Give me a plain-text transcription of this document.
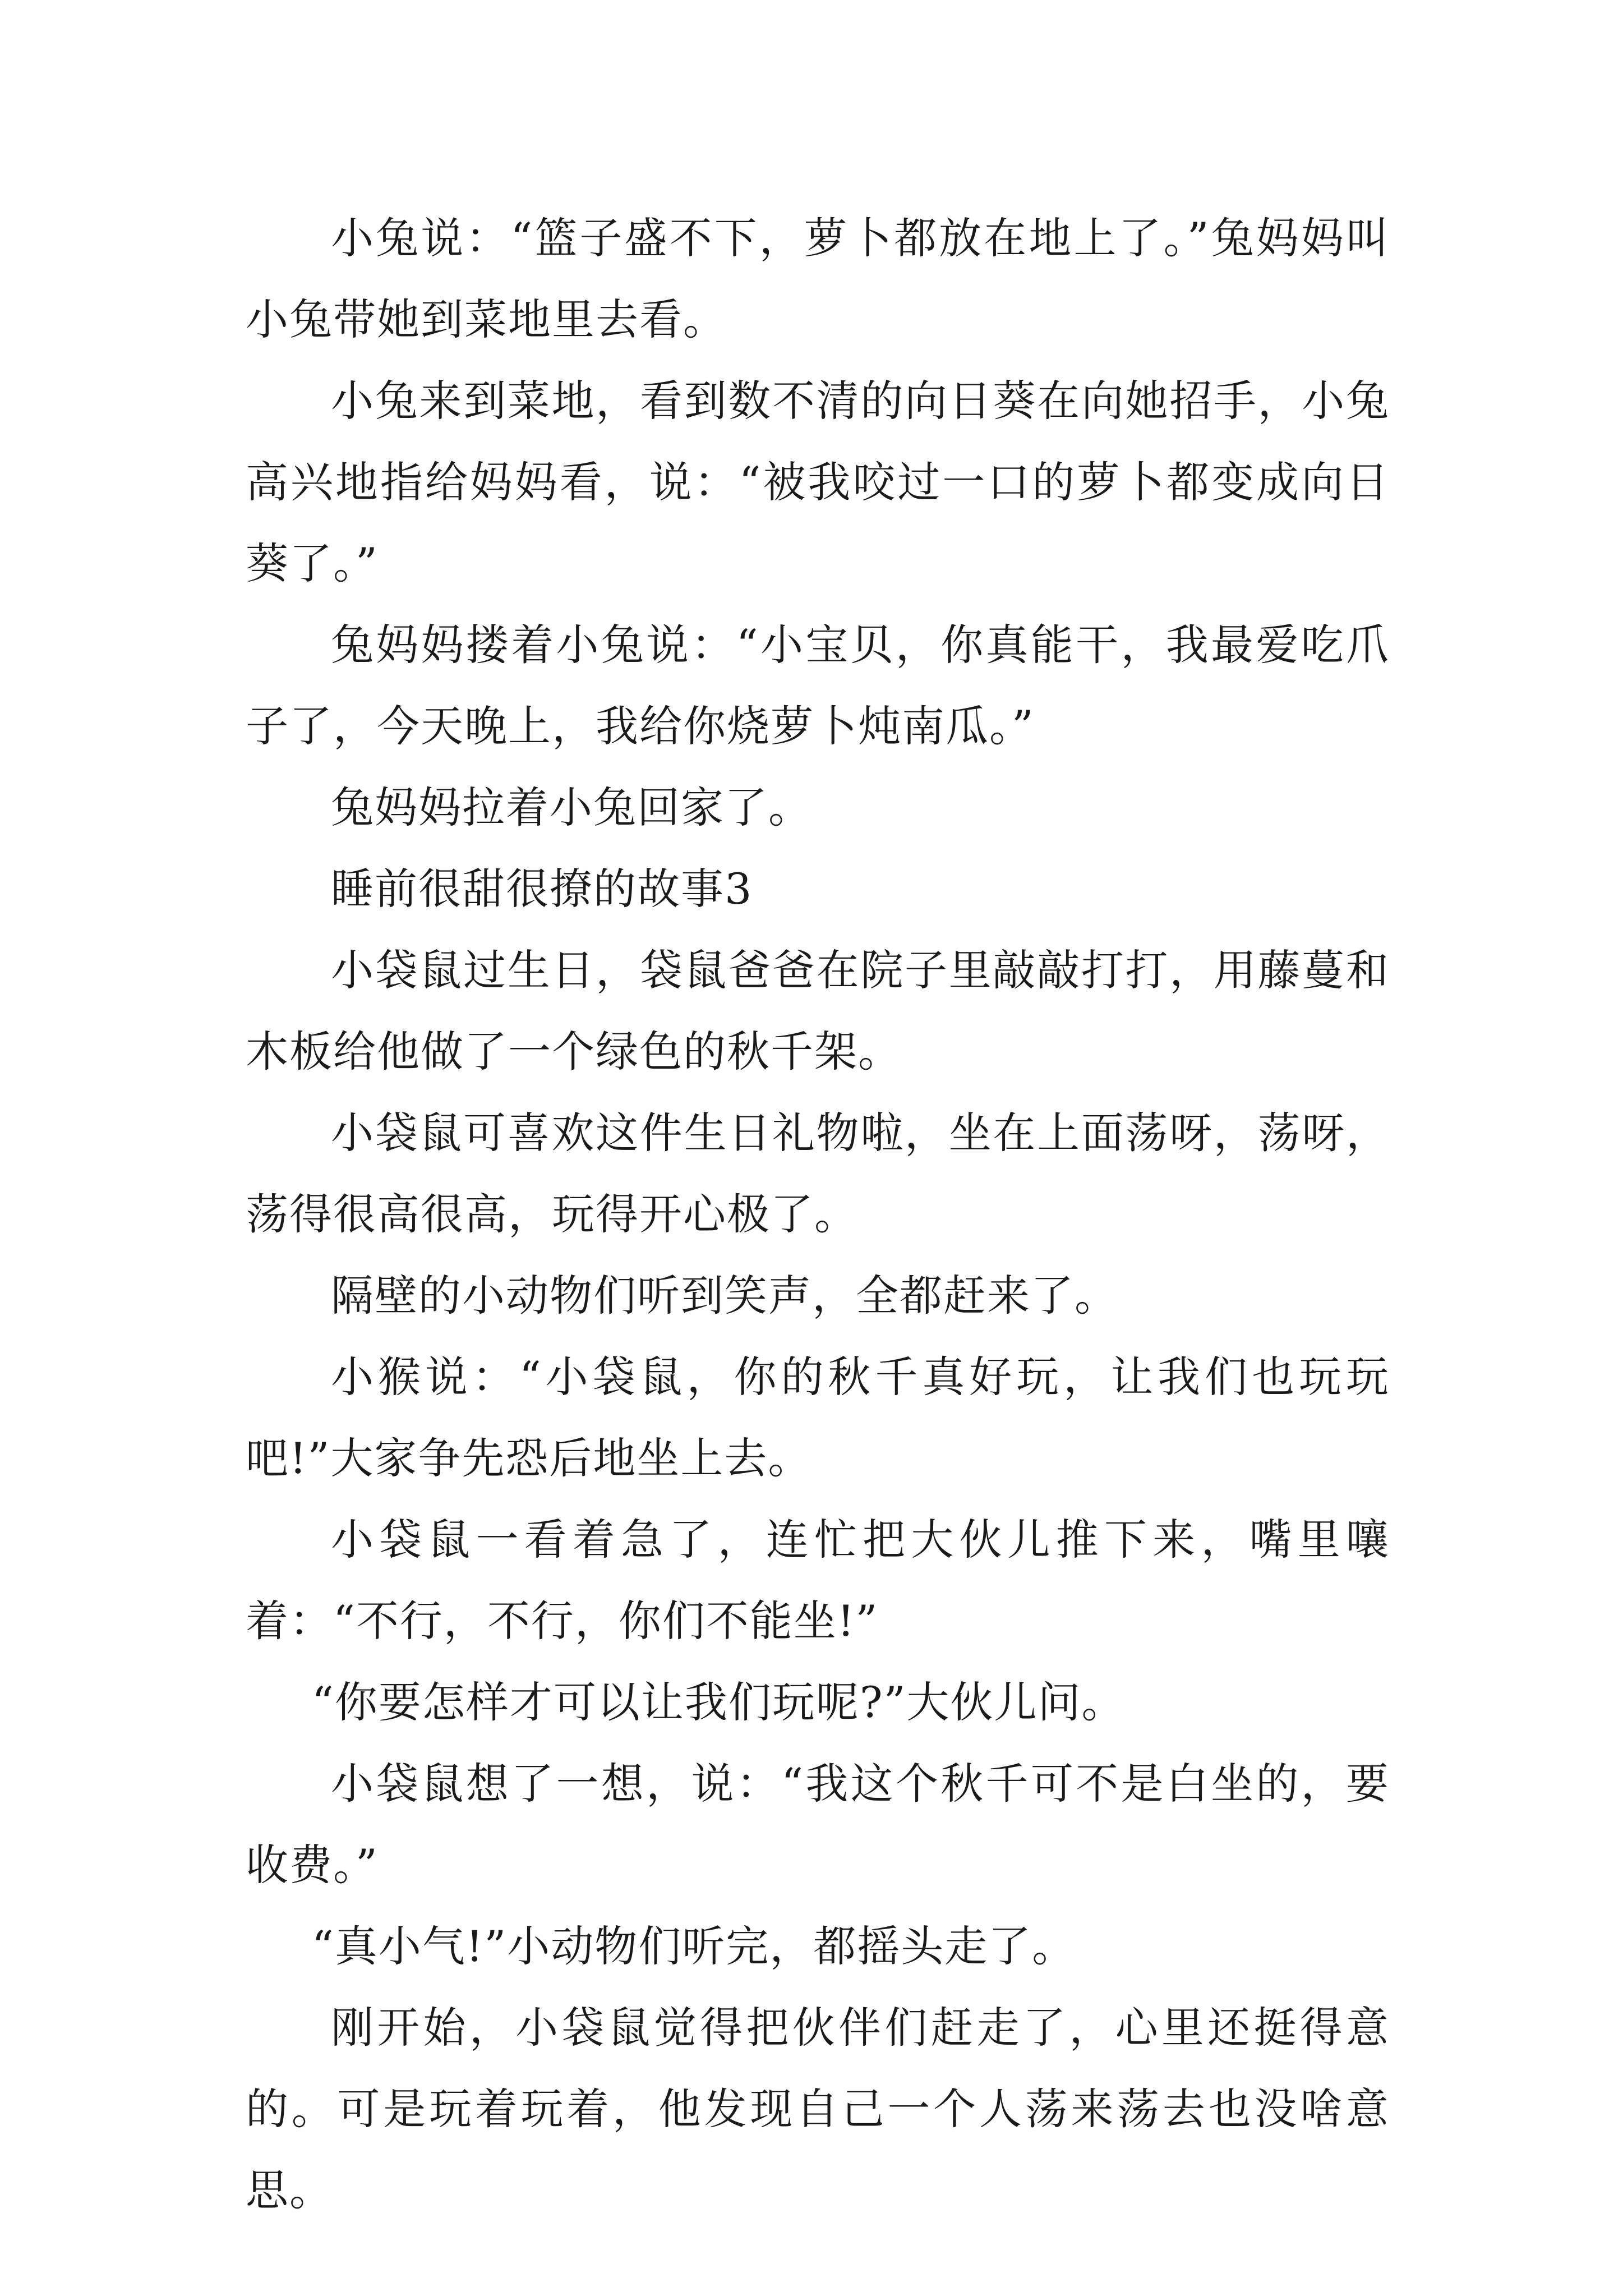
小兔说：“篮子盛不下，萝卜都放在地上了。”兔妈妈叫小兔带她到菜地里去看。

小兔来到菜地，看到数不清的向日葵在向她招手，小兔高兴地指给妈妈看，说：“被我咬过一口的萝卜都变成向日葵了。”

兔妈妈搂着小兔说：“小宝贝，你真能干，我最爱吃爪子了，今天晚上，我给你烧萝卜炖南瓜。”

兔妈妈拉着小兔回家了。

睡前很甜很撩的故事3

小袋鼠过生日，袋鼠爸爸在院子里敲敲打打，用藤蔓和木板给他做了一个绿色的秋千架。

小袋鼠可喜欢这件生日礼物啦，坐在上面荡呀，荡呀，荡得很高很高，玩得开心极了。

隔壁的小动物们听到笑声，全都赶来了。

小猴说：“小袋鼠，你的秋千真好玩，让我们也玩玩吧!”大家争先恐后地坐上去。

小袋鼠一看着急了，连忙把大伙儿推下来，嘴里嚷着：“不行，不行，你们不能坐!”

“你要怎样才可以让我们玩呢?”大伙儿问。

小袋鼠想了一想，说：“我这个秋千可不是白坐的，要收费。”

“真小气!”小动物们听完，都摇头走了。

刚开始，小袋鼠觉得把伙伴们赶走了，心里还挺得意的。可是玩着玩着，他发现自己一个人荡来荡去也没啥意思。
